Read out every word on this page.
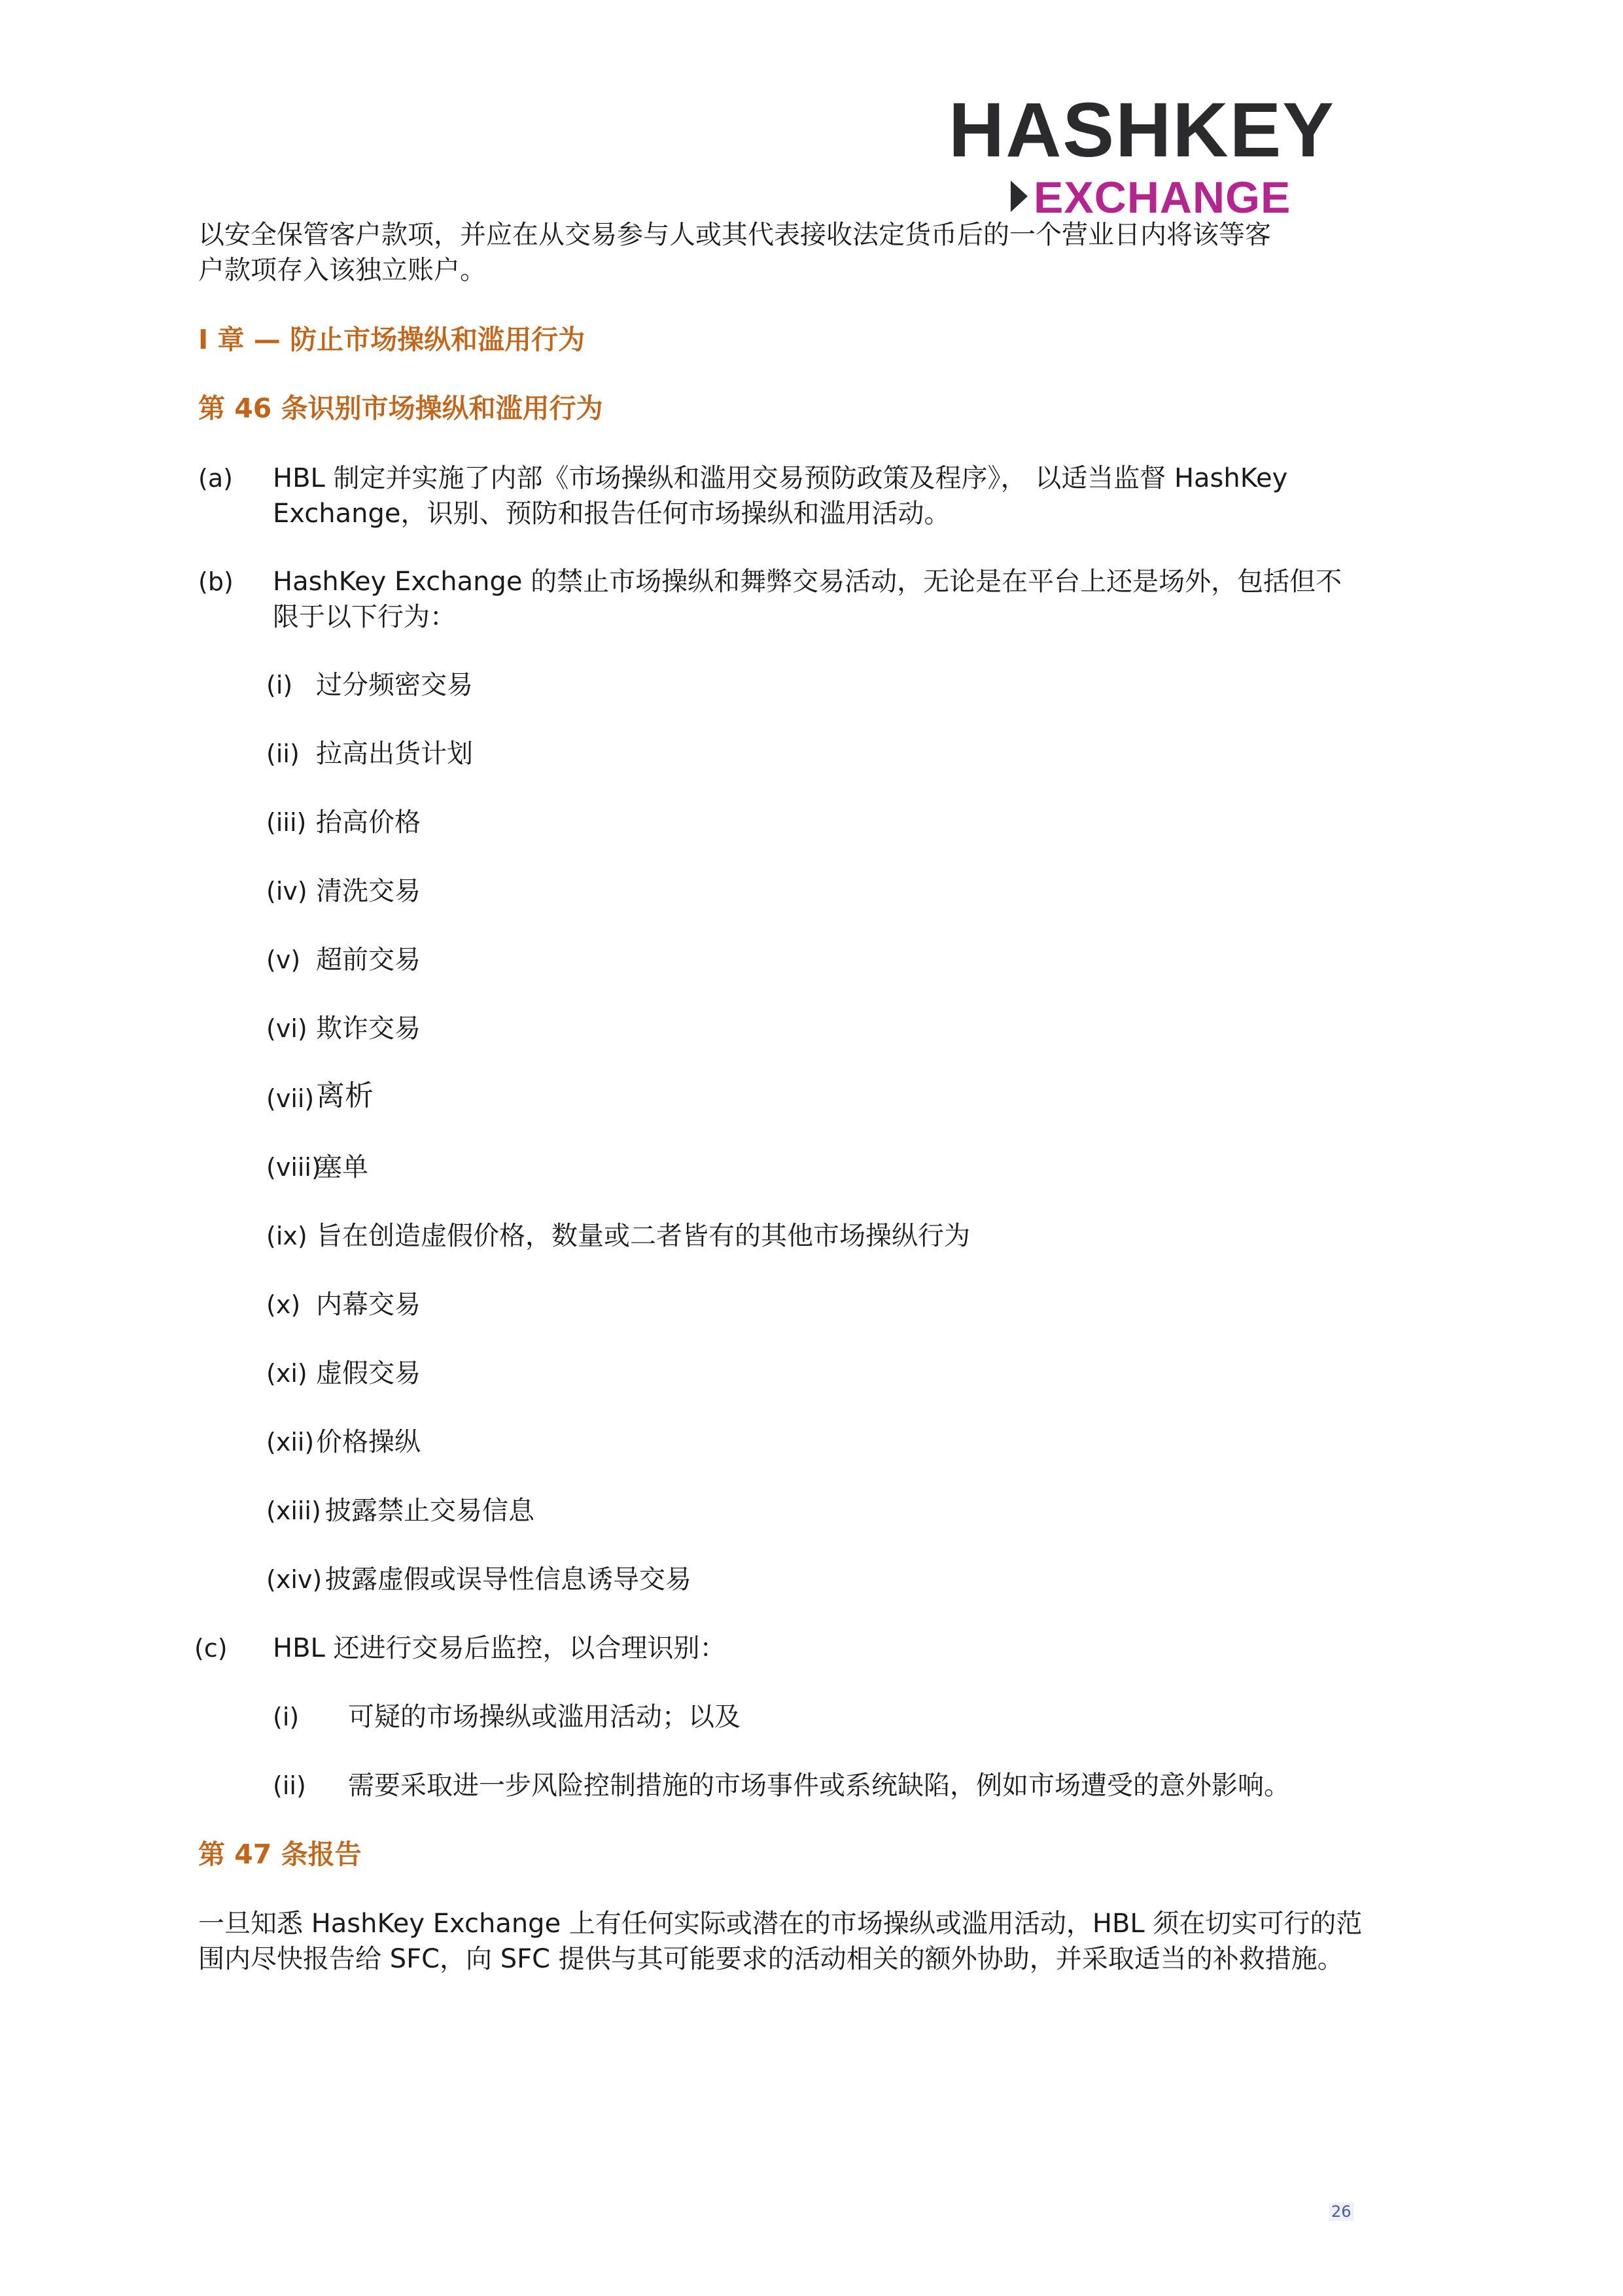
HASHKEY
EXCHANGE
以安全保管客户款项，并应在从交易参与人或其代表接收法定货币后的一个营业日内将该等客
户款项存入该独立账户。
I 章 — 防止市场操纵和滥用行为
第 46 条识别市场操纵和滥用行为
(a) HBL 制定并实施了内部《市场操纵和滥用交易预防政策及程序》， 以适当监督 HashKey
Exchange，识别、预防和报告任何市场操纵和滥用活动。
(b) HashKey Exchange 的禁止市场操纵和舞弊交易活动，无论是在平台上还是场外，包括但不
限于以下行为：
(i) 过分频密交易
(ii) 拉高出货计划
(iii) 抬高价格
(iv) 清洗交易
(v) 超前交易
(vi) 欺诈交易
(vii) 离析
(viii)
塞单
(ix) 旨在创造虚假价格，数量或二者皆有的其他市场操纵行为
(x) 内幕交易
(xi) 虚假交易
(xii) 价格操纵
(xiii) 披露禁止交易信息
(xiv) 披露虚假或误导性信息诱导交易
(c) HBL 还进行交易后监控，以合理识别：
(i) 可疑的市场操纵或滥用活动；以及
(ii) 需要采取进一步风险控制措施的市场事件或系统缺陷，例如市场遭受的意外影响。
第 47 条报告
一旦知悉 HashKey Exchange 上有任何实际或潜在的市场操纵或滥用活动，HBL 须在切实可行的范
围内尽快报告给 SFC，向 SFC 提供与其可能要求的活动相关的额外协助，并采取适当的补救措施。
26
